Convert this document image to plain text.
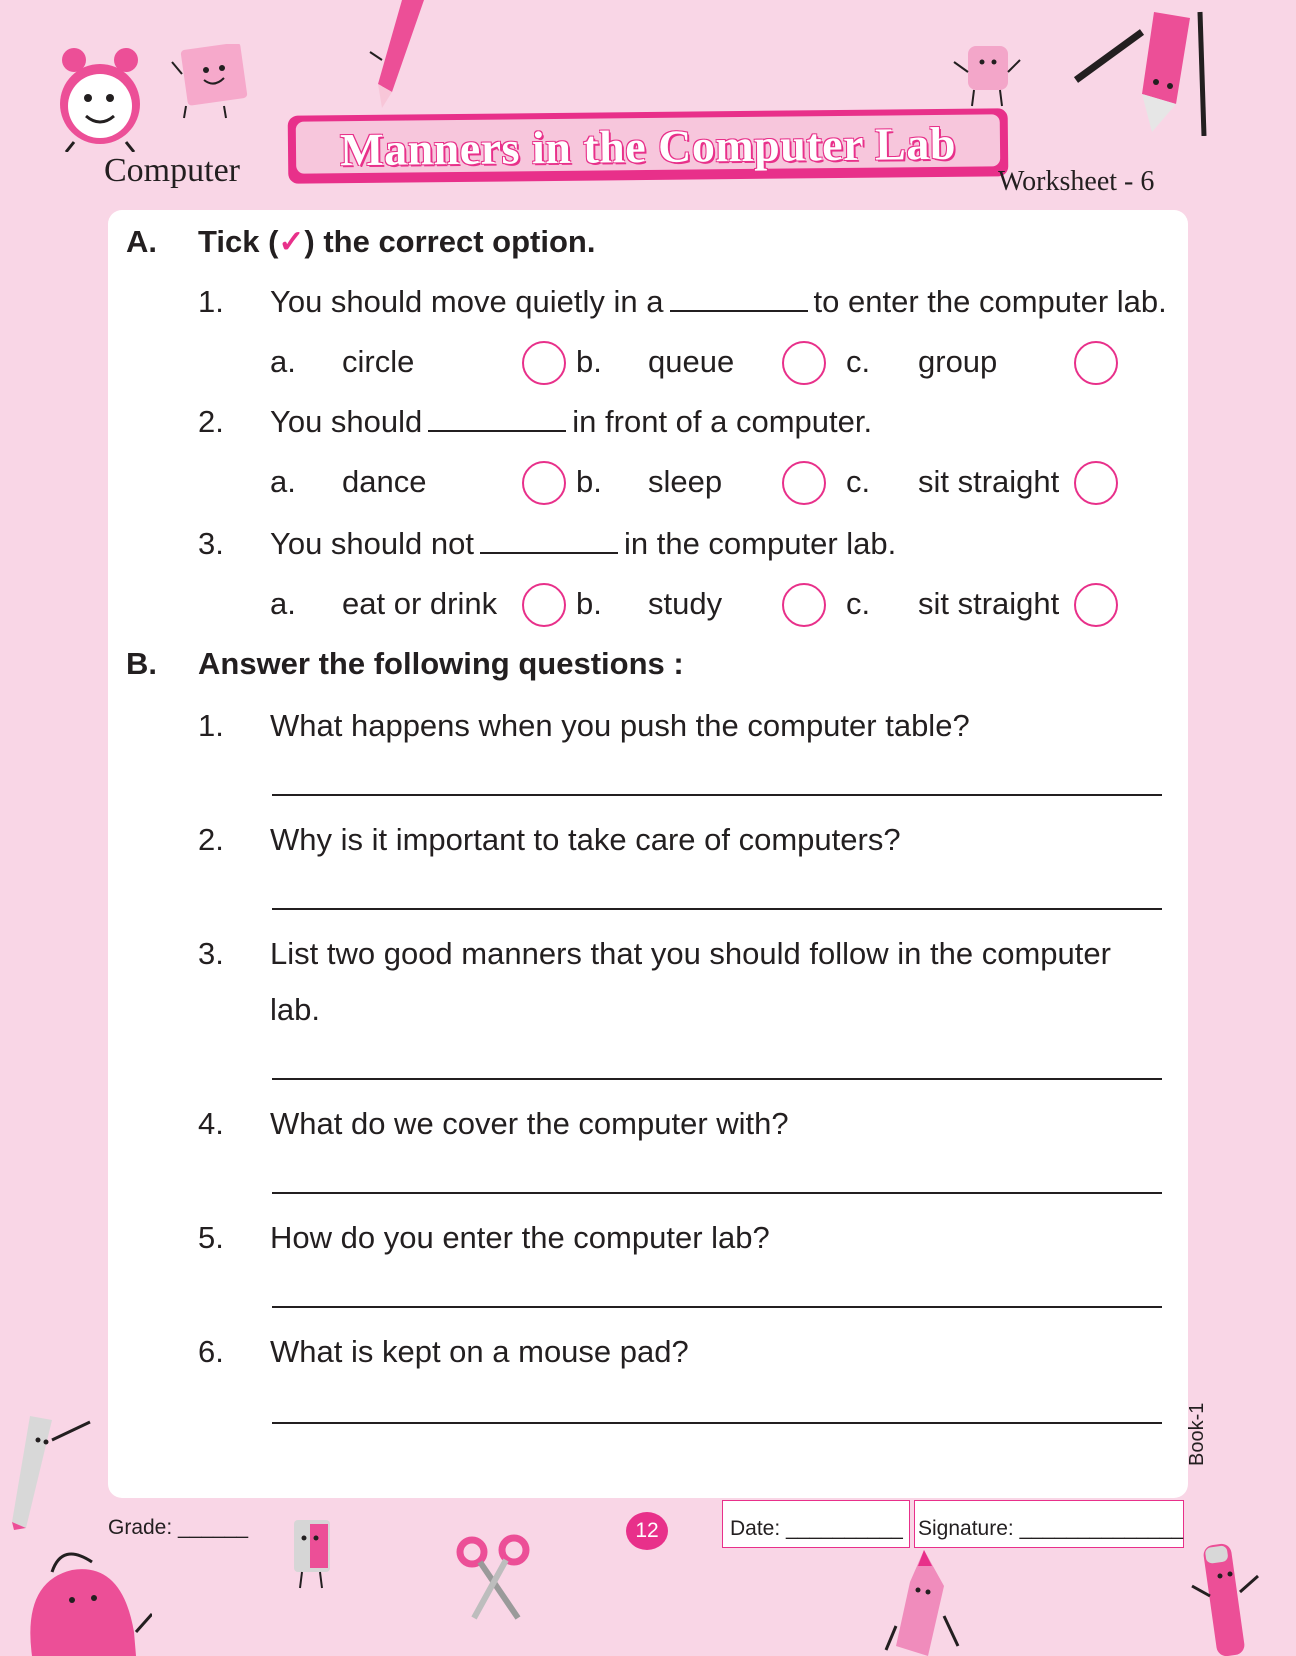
Manners in the Computer Lab
Computer	Worksheet - 6
A. Tick (✓) the correct option.
1. You should move quietly in a	to enter the computer lab.
a. circle	b. queue	c. group
2. You should	in front of a computer.
a. dance	b. sleep	c. sit straight
3. You should not	in the computer lab.
a. eat or drink	b. study	c. sit straight
B. Answer the following questions :
1. What happens when you push the computer table?
2. Why is it important to take care of computers?
3. List two good manners that you should follow in the computer
lab.
4. What do we cover the computer with?
5. How do you enter the computer lab?
6. What is kept on a mouse pad?
Book-1
Grade: ______	12	Date: __________ Signature: ______________
